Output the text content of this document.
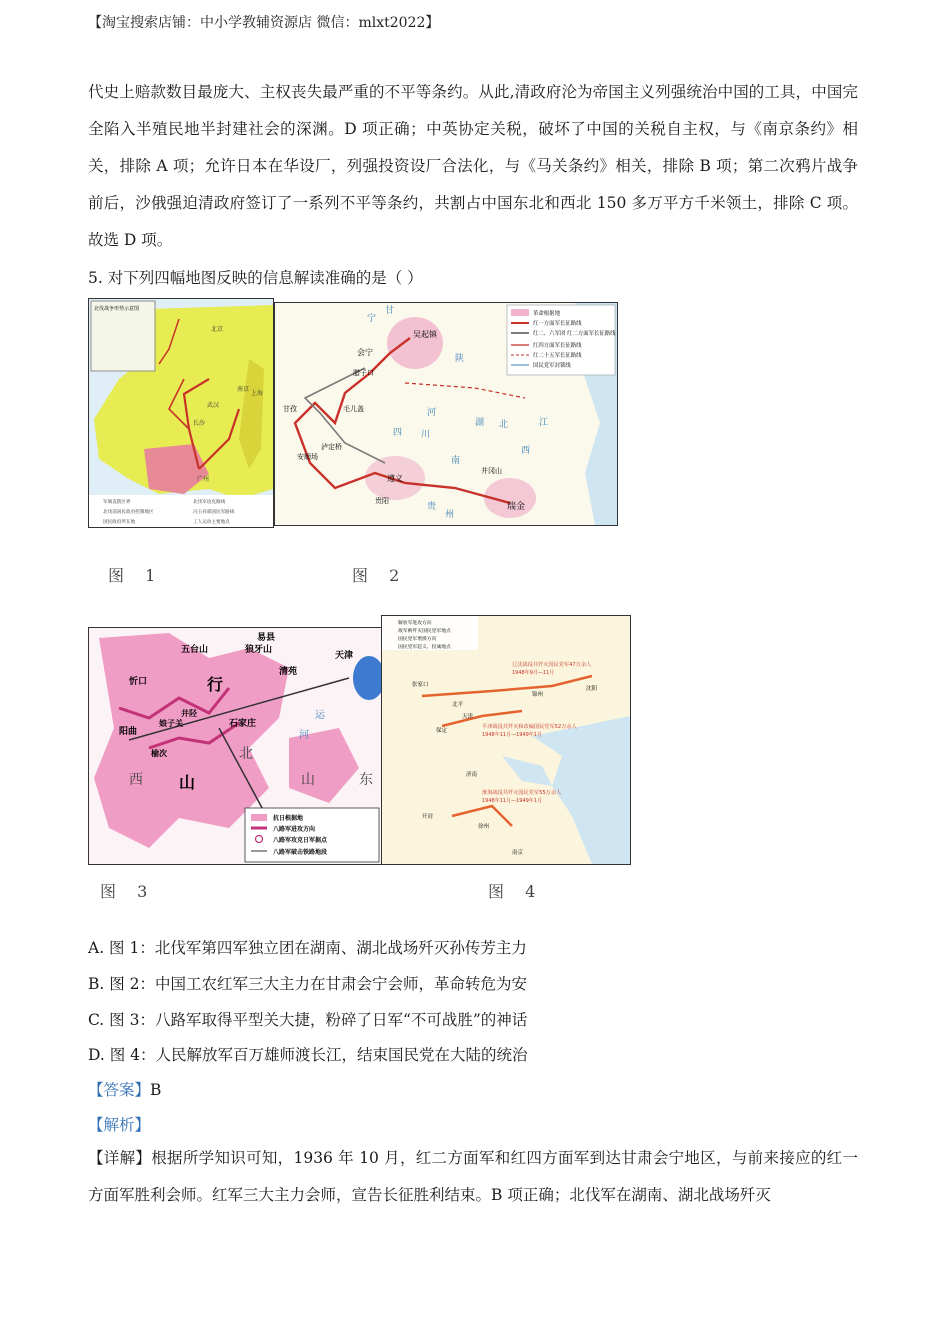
【淘宝搜索店铺：中小学教辅资源店 微信：mlxt2022】
代史上赔款数目最庞大、主权丧失最严重的不平等条约。从此,清政府沦为帝国主义列强统治中国的工具，中国完全陷入半殖民地半封建社会的深渊。D 项正确；中英协定关税，破坏了中国的关税自主权，与《南京条约》相关，排除 A 项；允许日本在华设厂，列强投资设厂合法化，与《马关条约》相关，排除 B 项；第二次鸦片战争前后，沙俄强迫清政府签订了一系列不平等条约，共割占中国东北和西北 150 多万平方千米领土，排除 C 项。故选 D 项。
5. 对下列四幅地图反映的信息解读准确的是（ ）
北伐战争形势示意图
北京
南京
长沙
武汉
广州
上海
军阀直辖区界	北伐军攻克路线
北伐前国民政府控制地区	冯玉祥部国民军路线
国民政府所在地	工人运动主要地点
吴起镇
会宁
腊子口
毛儿盖
甘孜
安顺场
泸定桥
遵义
贵阳
井冈山
瑞金
甘
陕
宁
四 川
湖 北
南
西
州
河
贵
江
革命根据地
红一方面军长征路线
红二、六军团 红二方面军长征路线
红四方面军长征路线
红二十五军长征路线
国民党军封锁线
图 1	图 2
五台山	狼牙山
清苑
天津
忻口
阳曲
娘子关
井陉
石家庄
榆次
易县
行
西 山
北
山	东
河
运
抗日根据地
八路军进攻方向
八路军攻克日军据点
八路军破击铁路地段
解放军进攻方向
敌军被歼灭国民党军地点
国民党军增援方向
国民党军起义、投诚地点
辽沈战役共歼灭国民党军47万余人
1948年9月—11月
平津战役共歼灭和改编国民党军52万余人
1948年11月—1949年1月
淮海战役共歼灭国民党军55万余人
1948年11月—1949年1月
张家口
北平
天津
沈阳
锦州
济南
徐州
南京
保定
开封
图 3	图 4
A. 图 1：北伐军第四军独立团在湖南、湖北战场歼灭孙传芳主力
B. 图 2：中国工农红军三大主力在甘肃会宁会师，革命转危为安
C. 图 3：八路军取得平型关大捷，粉碎了日军“不可战胜”的神话
D. 图 4：人民解放军百万雄师渡长江，结束国民党在大陆的统治
【答案】B
【解析】
【详解】根据所学知识可知，1936 年 10 月，红二方面军和红四方面军到达甘肃会宁地区，与前来接应的红一方面军胜利会师。红军三大主力会师，宣告长征胜利结束。B 项正确；北伐军在湖南、湖北战场歼灭
